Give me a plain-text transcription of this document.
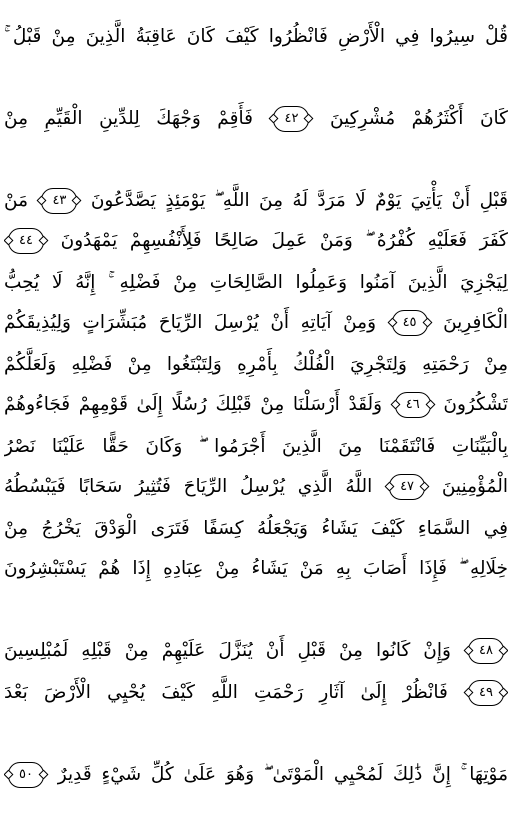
قُلْ سِيرُوا فِي الْأَرْضِ فَانْظُرُوا كَيْفَ كَانَ عَاقِبَةُ الَّذِينَ مِنْ قَبْلُ ۚ
كَانَ أَكْثَرُهُمْ مُشْرِكِينَ ٤٢ فَأَقِمْ وَجْهَكَ لِلدِّينِ الْقَيِّمِ مِنْ
قَبْلِ أَنْ يَأْتِيَ يَوْمٌ لَا مَرَدَّ لَهُ مِنَ اللَّهِ ۖ يَوْمَئِذٍ يَصَّدَّعُونَ ٤٣ مَنْ
كَفَرَ فَعَلَيْهِ كُفْرُهُ ۖ وَمَنْ عَمِلَ صَالِحًا فَلِأَنْفُسِهِمْ يَمْهَدُونَ ٤٤
لِيَجْزِيَ الَّذِينَ آمَنُوا وَعَمِلُوا الصَّالِحَاتِ مِنْ فَضْلِهِ ۚ إِنَّهُ لَا يُحِبُّ
الْكَافِرِينَ ٤٥ وَمِنْ آيَاتِهِ أَنْ يُرْسِلَ الرِّيَاحَ مُبَشِّرَاتٍ وَلِيُذِيقَكُمْ
مِنْ رَحْمَتِهِ وَلِتَجْرِيَ الْفُلْكُ بِأَمْرِهِ وَلِتَبْتَغُوا مِنْ فَضْلِهِ وَلَعَلَّكُمْ
تَشْكُرُونَ ٤٦ وَلَقَدْ أَرْسَلْنَا مِنْ قَبْلِكَ رُسُلًا إِلَىٰ قَوْمِهِمْ فَجَاءُوهُمْ
بِالْبَيِّنَاتِ فَانْتَقَمْنَا مِنَ الَّذِينَ أَجْرَمُوا ۖ وَكَانَ حَقًّا عَلَيْنَا نَصْرُ
الْمُؤْمِنِينَ ٤٧ اللَّهُ الَّذِي يُرْسِلُ الرِّيَاحَ فَتُثِيرُ سَحَابًا فَيَبْسُطُهُ
فِي السَّمَاءِ كَيْفَ يَشَاءُ وَيَجْعَلُهُ كِسَفًا فَتَرَى الْوَدْقَ يَخْرُجُ مِنْ
خِلَالِهِ ۖ فَإِذَا أَصَابَ بِهِ مَنْ يَشَاءُ مِنْ عِبَادِهِ إِذَا هُمْ يَسْتَبْشِرُونَ
٤٨ وَإِنْ كَانُوا مِنْ قَبْلِ أَنْ يُنَزَّلَ عَلَيْهِمْ مِنْ قَبْلِهِ لَمُبْلِسِينَ
٤٩ فَانْظُرْ إِلَىٰ آثَارِ رَحْمَتِ اللَّهِ كَيْفَ يُحْيِي الْأَرْضَ بَعْدَ
مَوْتِهَا ۚ إِنَّ ذَٰلِكَ لَمُحْيِي الْمَوْتَىٰ ۖ وَهُوَ عَلَىٰ كُلِّ شَيْءٍ قَدِيرٌ ٥٠
